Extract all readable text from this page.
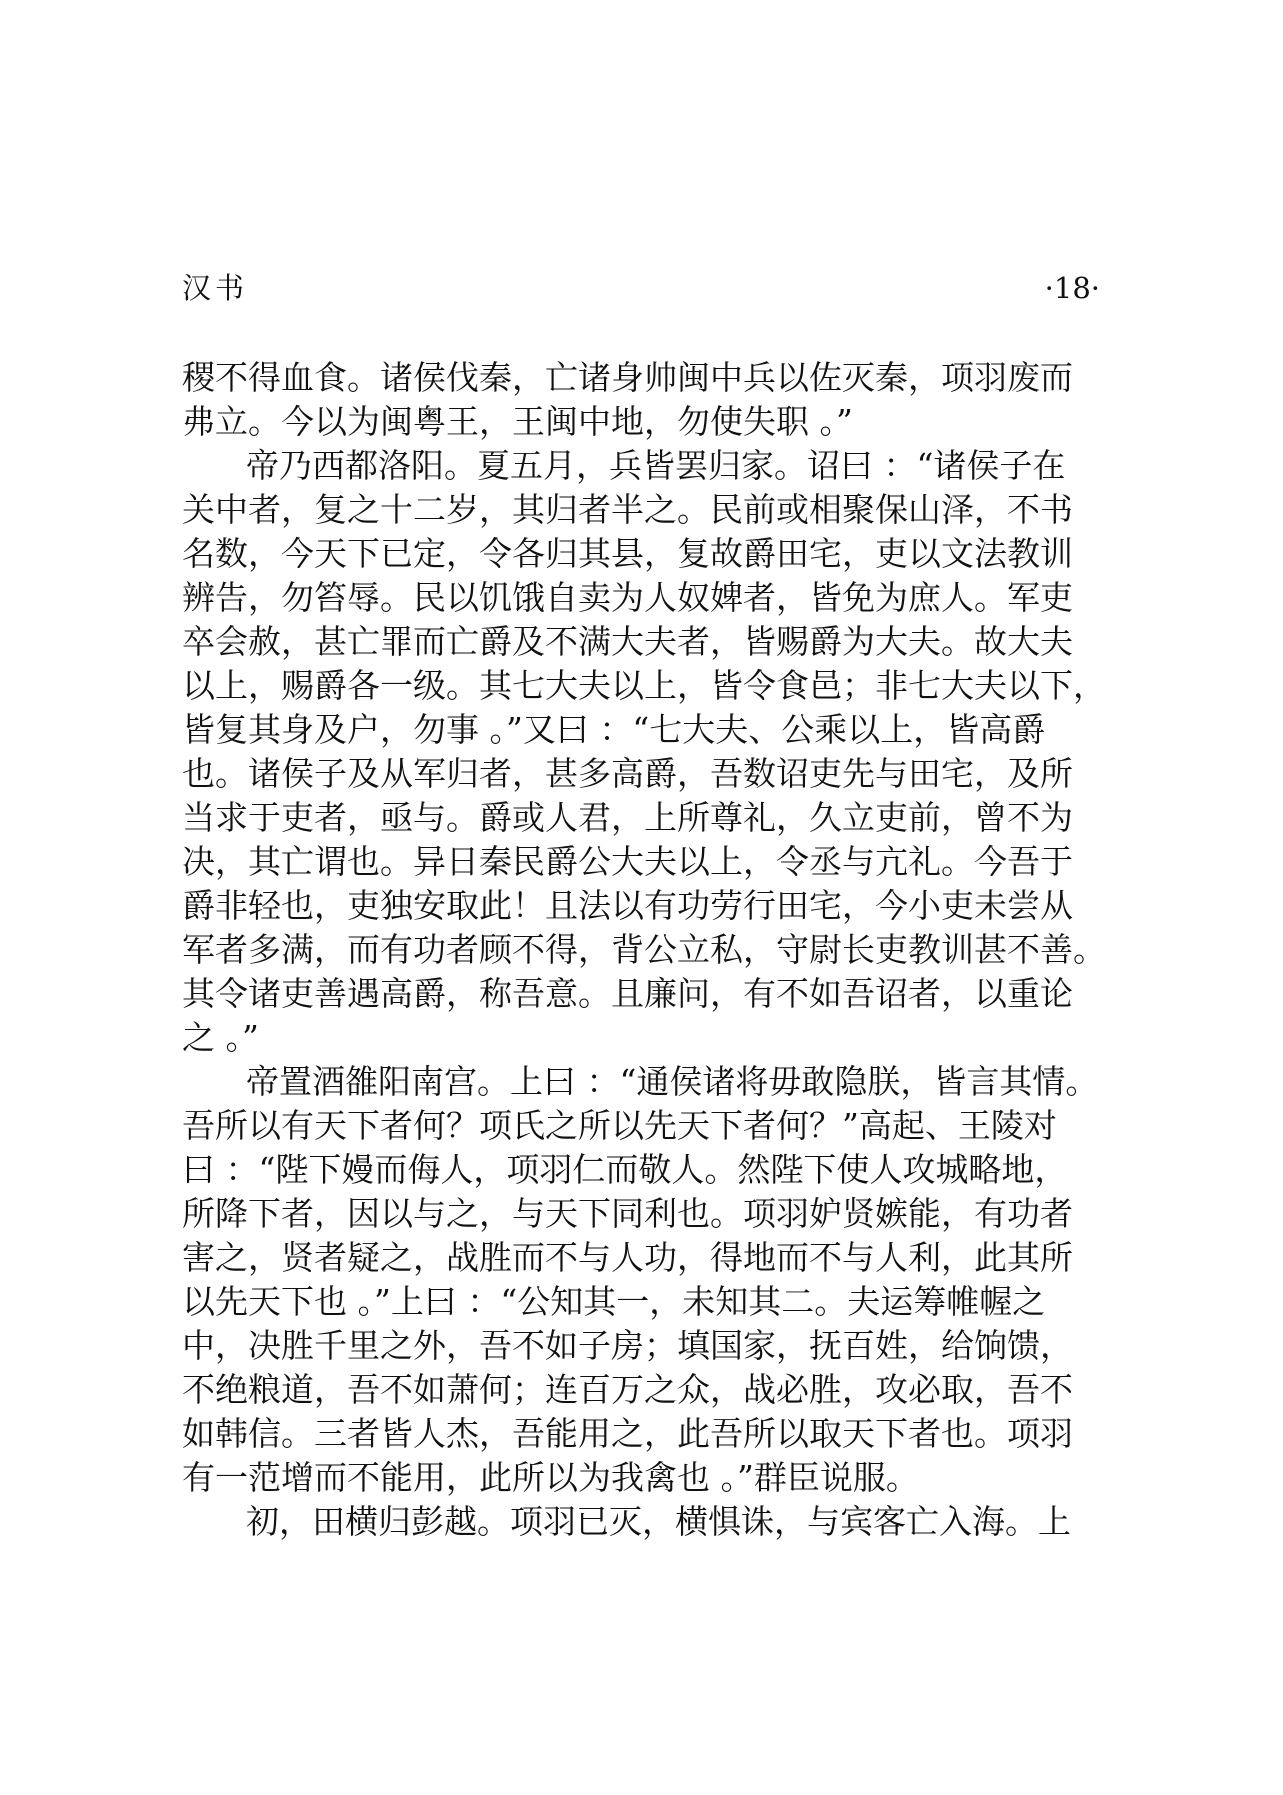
汉书	·18·
稷不得血食。诸侯伐秦，亡诸身帅闽中兵以佐灭秦，项羽废而
弗立。今以为闽粤王，王闽中地，勿使失职 。”
帝乃西都洛阳。夏五月，兵皆罢归家。诏曰 ：“诸侯子在
关中者，复之十二岁，其归者半之。民前或相聚保山泽，不书
名数，今天下已定，令各归其县，复故爵田宅，吏以文法教训
辨告，勿笞辱。民以饥饿自卖为人奴婢者，皆免为庶人。军吏
卒会赦，甚亡罪而亡爵及不满大夫者，皆赐爵为大夫。故大夫
以上，赐爵各一级。其七大夫以上，皆令食邑；非七大夫以下，
皆复其身及户，勿事 。”又曰 ：“七大夫、公乘以上，皆高爵
也。诸侯子及从军归者，甚多高爵，吾数诏吏先与田宅，及所
当求于吏者，亟与。爵或人君，上所尊礼，久立吏前，曾不为
决，其亡谓也。异日秦民爵公大夫以上，令丞与亢礼。今吾于
爵非轻也，吏独安取此！且法以有功劳行田宅，今小吏未尝从
军者多满，而有功者顾不得，背公立私，守尉长吏教训甚不善。
其令诸吏善遇高爵，称吾意。且廉问，有不如吾诏者，以重论
之 。”
帝置酒雒阳南宫。上曰 ：“通侯诸将毋敢隐朕，皆言其情。
吾所以有天下者何？项氏之所以先天下者何？”高起、王陵对
曰 ：“陛下嫚而侮人，项羽仁而敬人。然陛下使人攻城略地，
所降下者，因以与之，与天下同利也。项羽妒贤嫉能，有功者
害之，贤者疑之，战胜而不与人功，得地而不与人利，此其所
以先天下也 。”上曰 ：“公知其一，未知其二。夫运筹帷幄之
中，决胜千里之外，吾不如子房；填国家，抚百姓，给饷馈，
不绝粮道，吾不如萧何；连百万之众，战必胜，攻必取，吾不
如韩信。三者皆人杰，吾能用之，此吾所以取天下者也。项羽
有一范增而不能用，此所以为我禽也 。”群臣说服。
初，田横归彭越。项羽已灭，横惧诛，与宾客亡入海。上
